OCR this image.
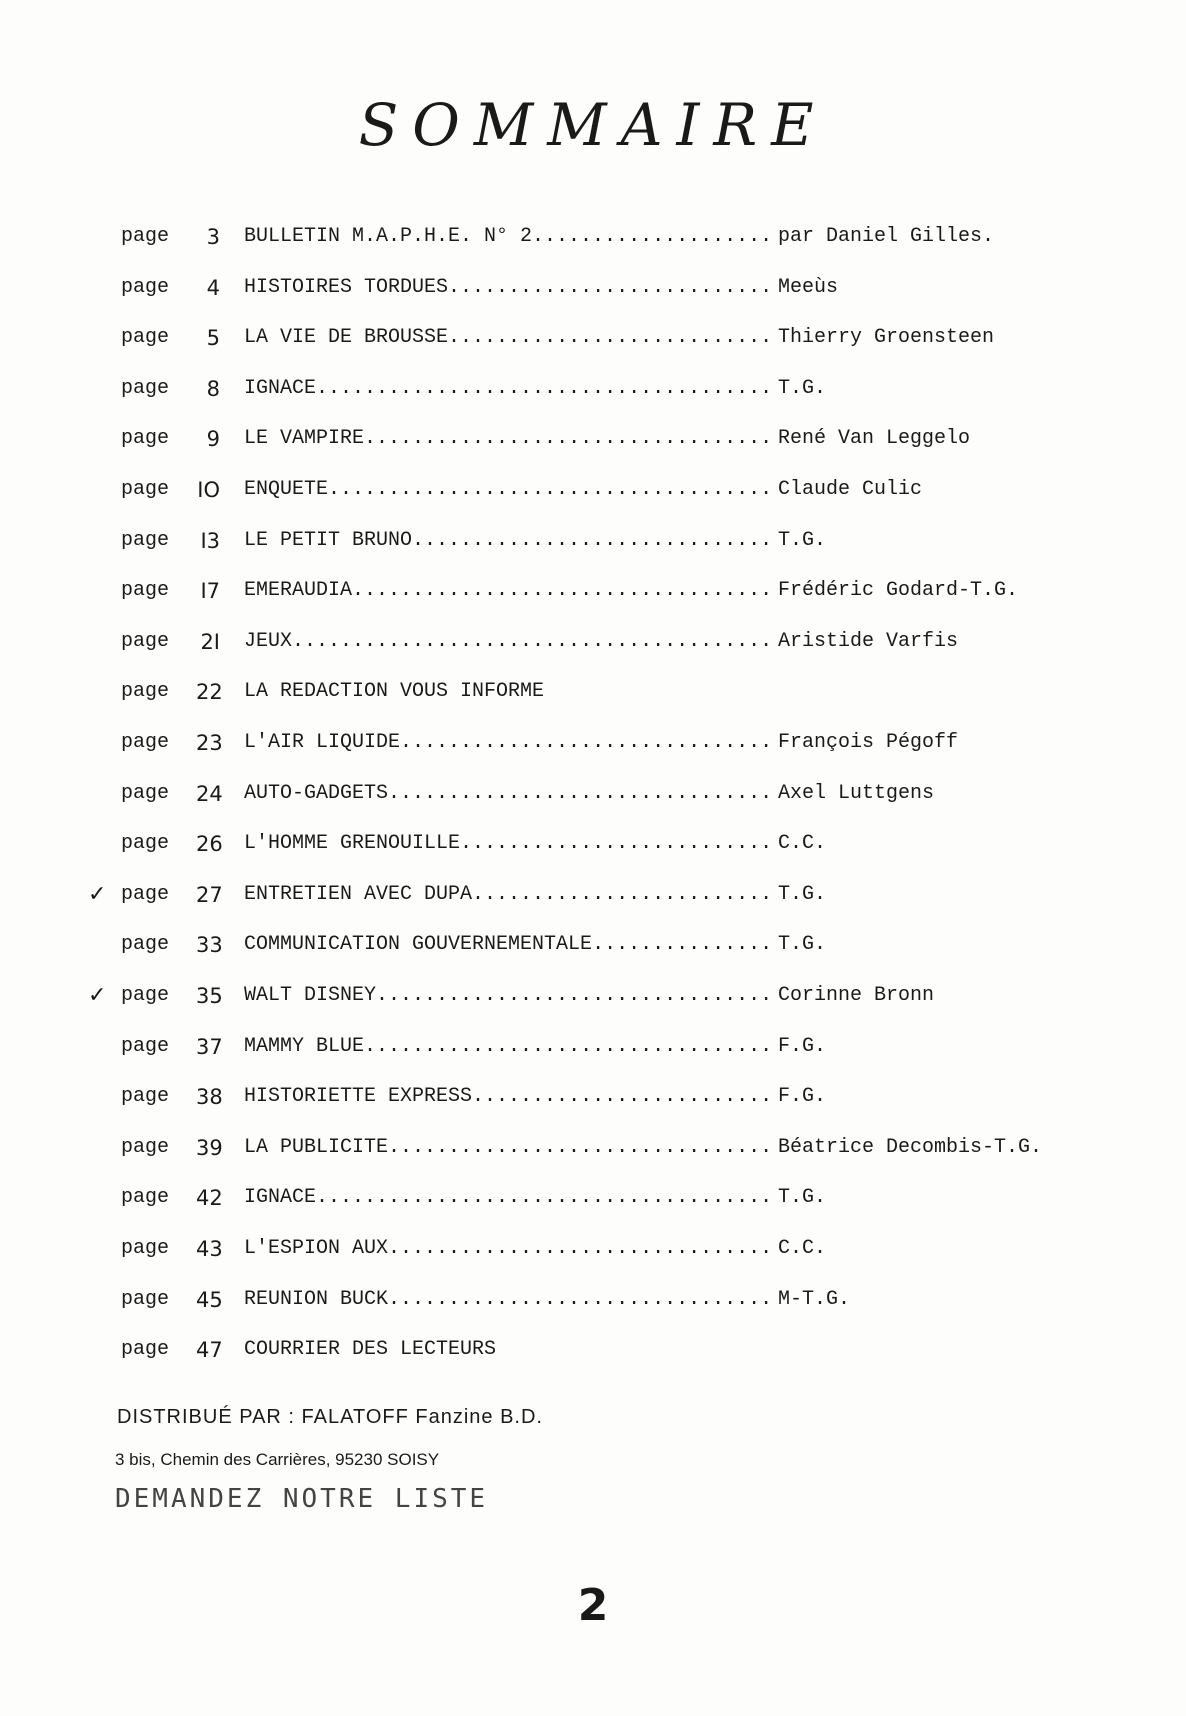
SOMMAIRE
page	3 BULLETIN M.A.P.H.E. N° 2.................... par Daniel Gilles.
page	4 HISTOIRES TORDUES........................... Meeùs
page	5 LA VIE DE BROUSSE........................... Thierry Groensteen
page	8 IGNACE...................................... T.G.
page	9 LE VAMPIRE.................................. René Van Leggelo
page IO ENQUETE..................................... Claude Culic
page I3 LE PETIT BRUNO.............................. T.G.
page I7 EMERAUDIA................................... Frédéric Godard-T.G.
page 2I JEUX........................................ Aristide Varfis
page 22 LA REDACTION VOUS INFORME
page 23 L'AIR LIQUIDE............................... François Pégoff
page 24 AUTO-GADGETS................................ Axel Luttgens
page 26 L'HOMME GRENOUILLE.......................... C.C.
✓ page 27 ENTRETIEN AVEC DUPA......................... T.G.
page 33 COMMUNICATION GOUVERNEMENTALE............... T.G.
✓ page 35 WALT DISNEY................................. Corinne Bronn
page 37 MAMMY BLUE.................................. F.G.
page 38 HISTORIETTE EXPRESS......................... F.G.
page 39 LA PUBLICITE................................ Béatrice Decombis-T.G.
page 42 IGNACE...................................... T.G.
page 43 L'ESPION AUX................................ C.C.
page 45 REUNION BUCK................................ M-T.G.
page 47 COURRIER DES LECTEURS
DISTRIBUÉ PAR : FALATOFF Fanzine B.D.
3 bis, Chemin des Carrières, 95230 SOISY
DEMANDEZ NOTRE LISTE
2
